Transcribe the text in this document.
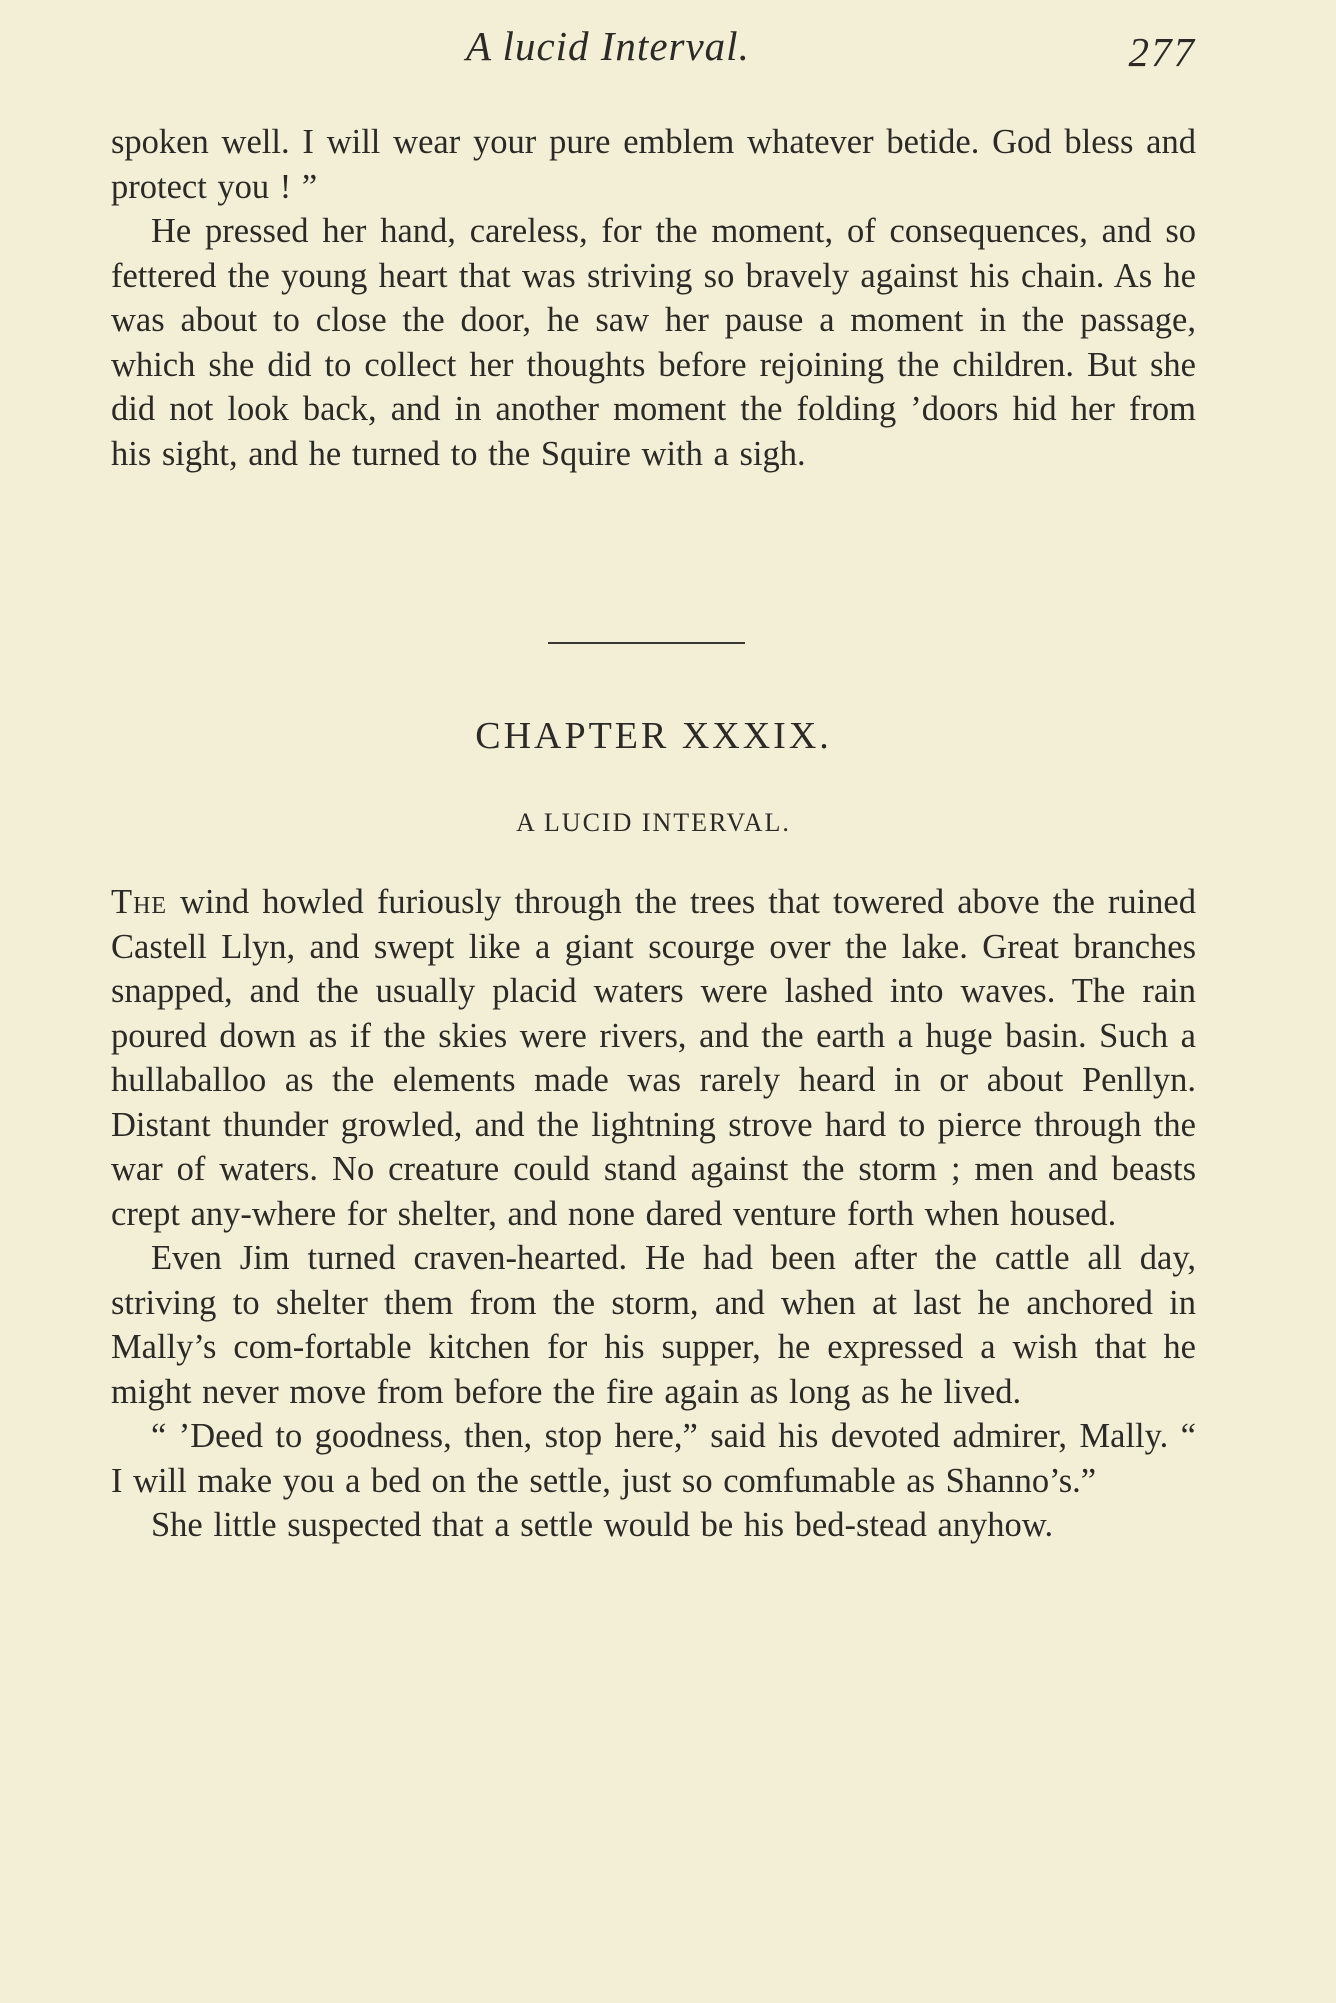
A lucid Interval.	277

spoken well. I will wear your pure emblem whatever betide. God bless and protect you ! ”

He pressed her hand, careless, for the moment, of consequences, and so fettered the young heart that was striving so bravely against his chain. As he was about to close the door, he saw her pause a moment in the passage, which she did to collect her thoughts before rejoining the children. But she did not look back, and in another moment the folding ’doors hid her from his sight, and he turned to the Squire with a sigh.

CHAPTER XXXIX.
A LUCID INTERVAL.

The wind howled furiously through the trees that towered above the ruined Castell Llyn, and swept like a giant scourge over the lake. Great branches snapped, and the usually placid waters were lashed into waves. The rain poured down as if the skies were rivers, and the earth a huge basin. Such a hullaballoo as the elements made was rarely heard in or about Penllyn. Distant thunder growled, and the lightning strove hard to pierce through the war of waters. No creature could stand against the storm ; men and beasts crept any-where for shelter, and none dared venture forth when housed.

Even Jim turned craven-hearted. He had been after the cattle all day, striving to shelter them from the storm, and when at last he anchored in Mally’s com-fortable kitchen for his supper, he expressed a wish that he might never move from before the fire again as long as he lived.

“ ’Deed to goodness, then, stop here,” said his devoted admirer, Mally. “ I will make you a bed on the settle, just so comfumable as Shanno’s.”

She little suspected that a settle would be his bed-stead anyhow.
